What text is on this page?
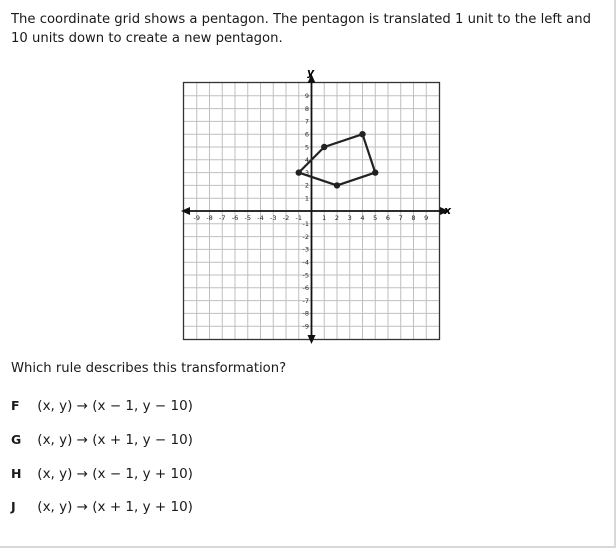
The coordinate grid shows a pentagon. The pentagon is translated 1 unit to the left and 10 units down to create a new pentagon.

x
y
-9 -8 -7 -6 -5 -4 -3 -2 -1	1 2 3 4 5 6 7 8 9
-9
-8
-7
-6
-5
-4
-3
-2
-1
1
2
3
4
5
6
7
8
9

Which rule describes this transformation?

F (x, y) → (x − 1, y − 10)
G (x, y) → (x + 1, y − 10)
H (x, y) → (x − 1, y + 10)
J (x, y) → (x + 1, y + 10)
